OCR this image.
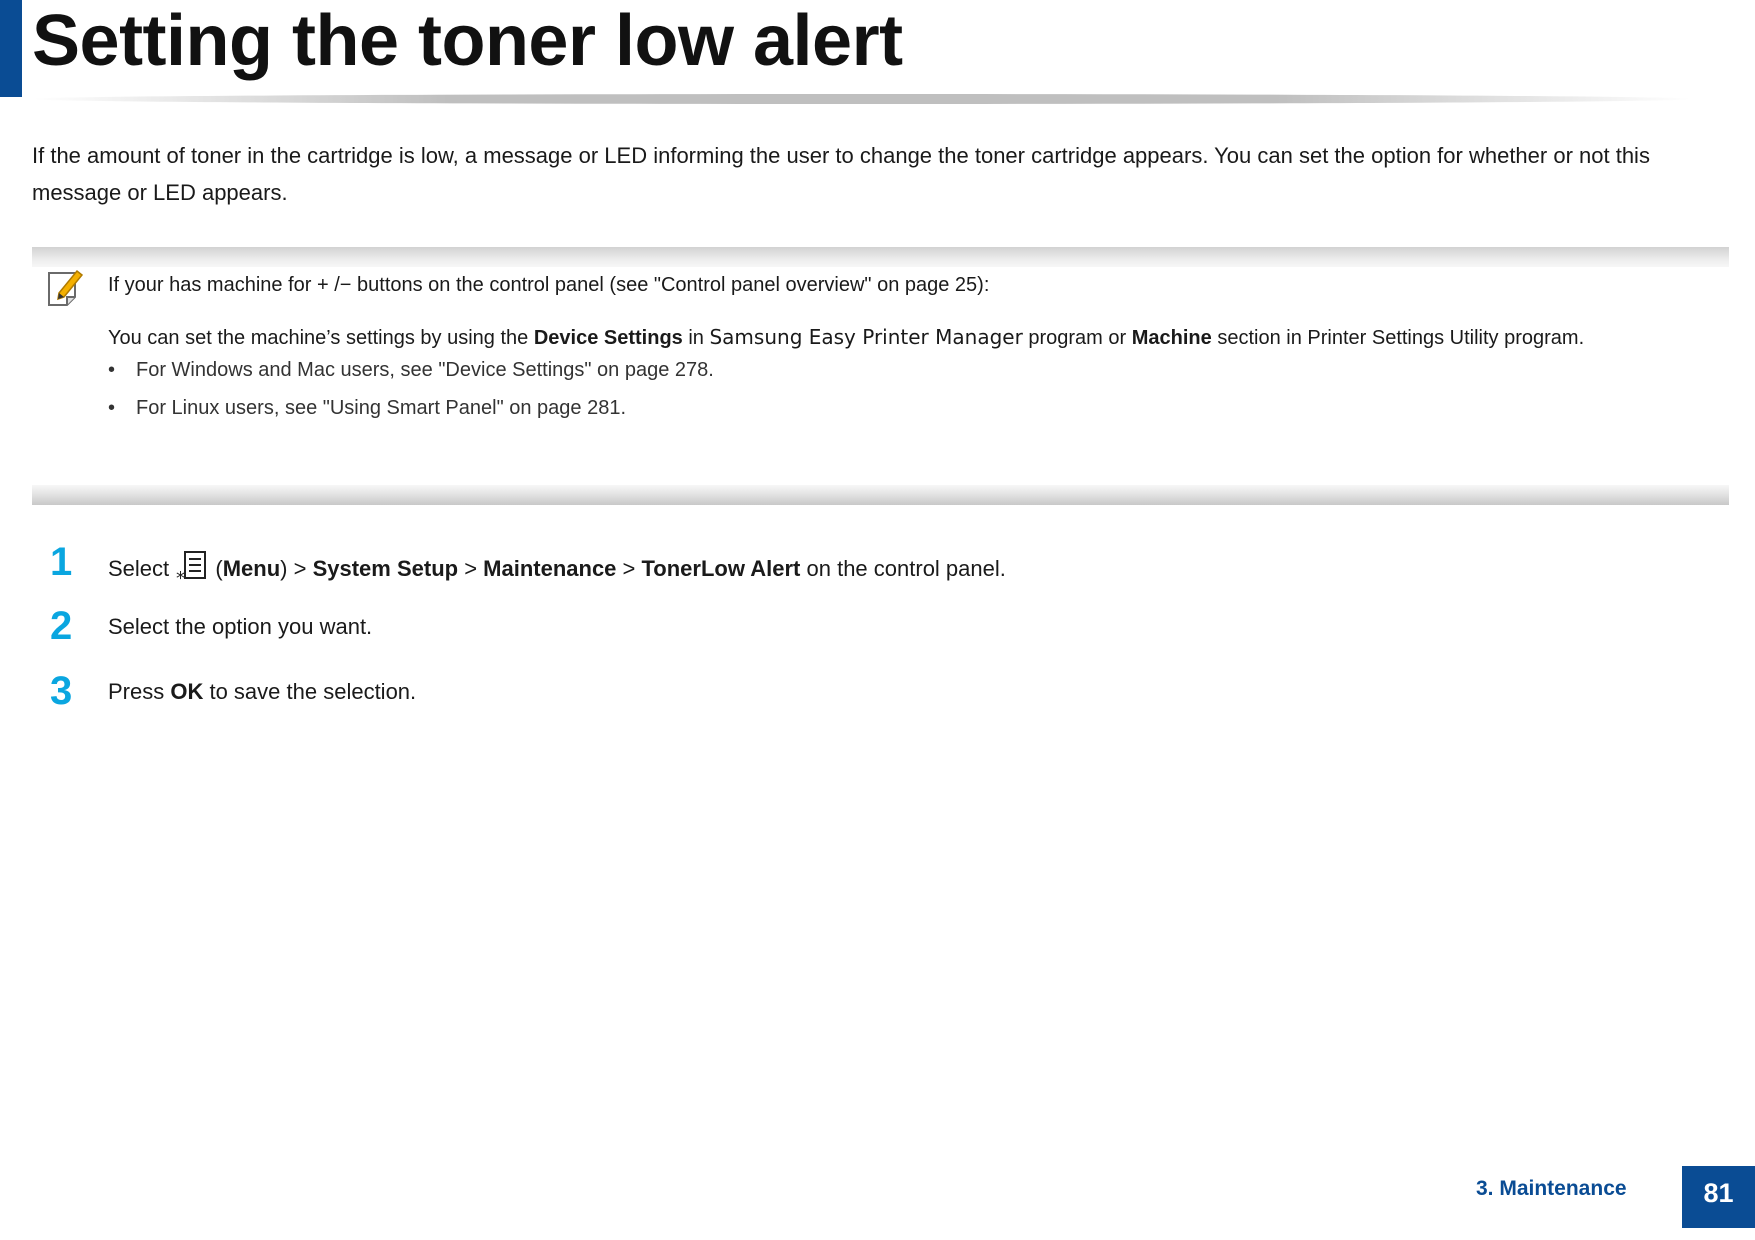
Setting the toner low alert

If the amount of toner in the cartridge is low, a message or LED informing the user to change the toner cartridge appears. You can set the option for whether or not this message or LED appears.

If your has machine for + /− buttons on the control panel (see "Control panel overview" on page 25):

You can set the machine’s settings by using the Device Settings in Samsung Easy Printer Manager program or Machine section in Printer Settings Utility program.

• For Windows and Mac users, see "Device Settings" on page 278.

• For Linux users, see "Using Smart Panel" on page 281.

1 Select * (Menu) > System Setup > Maintenance > TonerLow Alert on the control panel.
2 Select the option you want.
3 Press OK to save the selection.
3. Maintenance	81
